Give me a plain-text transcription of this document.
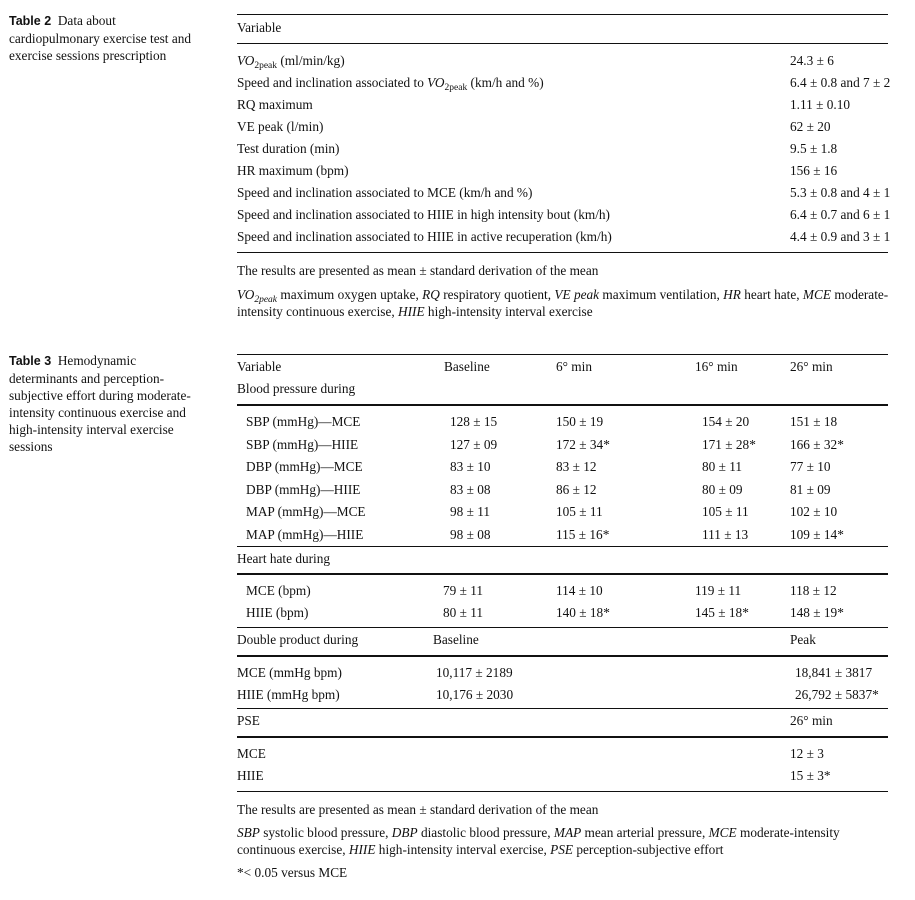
Table 2 Data about cardiopulmonary exercise test and exercise sessions prescription
Variable
$VO_{2peak}$ (ml/min/kg)	24.3 ± 6
Speed and inclination associated to $VO_{2peak}$ (km/h and %)	6.4 ± 0.8 and 7 ± 2
RQ maximum	1.11 ± 0.10
VE peak (l/min)	62 ± 20
Test duration (min)	9.5 ± 1.8
HR maximum (bpm)	156 ± 16
Speed and inclination associated to MCE (km/h and %)	5.3 ± 0.8 and 4 ± 1
Speed and inclination associated to HIIE in high intensity bout (km/h)	6.4 ± 0.7 and 6 ± 1
Speed and inclination associated to HIIE in active recuperation (km/h)	4.4 ± 0.9 and 3 ± 1
The results are presented as mean ± standard derivation of the mean
$VO_{2peak}$ maximum oxygen uptake, RQ respiratory quotient, VE peak maximum ventilation, HR heart hate, MCE moderate-intensity continuous exercise, HIIE high-intensity interval exercise
Table 3 Hemodynamic determinants and perception-subjective effort during moderate-intensity continuous exercise and high-intensity interval exercise sessions
Variable	Baseline	6° min	16° min	26° min
Blood pressure during
SBP (mmHg)—MCE	128 ± 15	150 ± 19	154 ± 20	151 ± 18
SBP (mmHg)—HIIE	127 ± 09	172 ± 34*	171 ± 28*	166 ± 32*
DBP (mmHg)—MCE	83 ± 10	83 ± 12	80 ± 11	77 ± 10
DBP (mmHg)—HIIE	83 ± 08	86 ± 12	80 ± 09	81 ± 09
MAP (mmHg)—MCE	98 ± 11	105 ± 11	105 ± 11	102 ± 10
MAP (mmHg)—HIIE	98 ± 08	115 ± 16*	111 ± 13	109 ± 14*
Heart hate during
MCE (bpm)	79 ± 11	114 ± 10	119 ± 11	118 ± 12
HIIE (bpm)	80 ± 11	140 ± 18*	145 ± 18*	148 ± 19*
Double product during	Baseline	Peak
MCE (mmHg bpm)	10,117 ± 2189	18,841 ± 3817
HIIE (mmHg bpm)	10,176 ± 2030	26,792 ± 5837*
PSE	26° min
MCE	12 ± 3
HIIE	15 ± 3*
The results are presented as mean ± standard derivation of the mean
SBP systolic blood pressure, DBP diastolic blood pressure, MAP mean arterial pressure, MCE moderate-intensity continuous exercise, HIIE high-intensity interval exercise, PSE perception-subjective effort
*< 0.05 versus MCE
